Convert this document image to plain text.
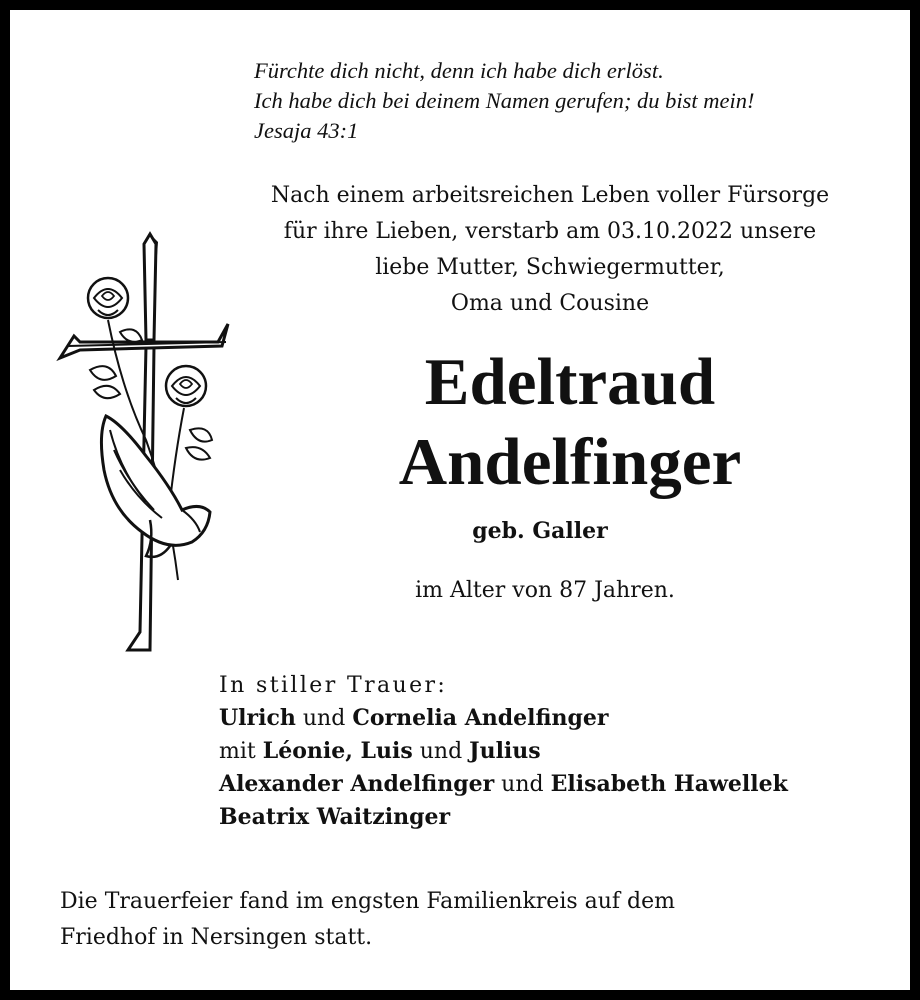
Fürchte dich nicht, denn ich habe dich erlöst.
Ich habe dich bei deinem Namen gerufen; du bist mein!
Jesaja 43:1
Nach einem arbeitsreichen Leben voller Fürsorge
für ihre Lieben, verstarb am 03.10.2022 unsere
liebe Mutter, Schwiegermutter,
Oma und Cousine
Edeltraud
Andelfinger
geb. Galler
im Alter von 87 Jahren.
In stiller Trauer:
Ulrich und Cornelia Andelfinger
mit Léonie, Luis und Julius
Alexander Andelfinger und Elisabeth Hawellek
Beatrix Waitzinger
Die Trauerfeier fand im engsten Familienkreis auf dem
Friedhof in Nersingen statt.
